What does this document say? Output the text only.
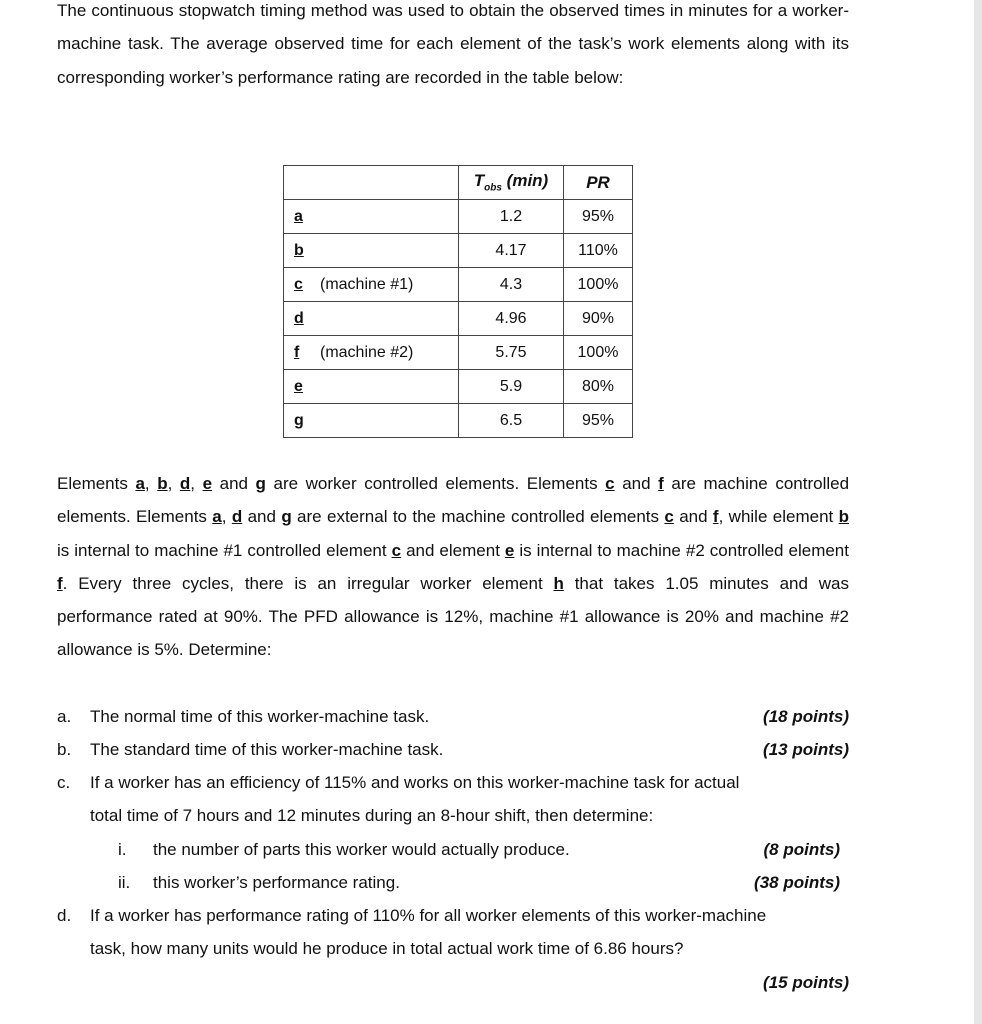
The continuous stopwatch timing method was used to obtain the observed times in minutes for a worker-machine task. The average observed time for each element of the task’s work elements along with its corresponding worker’s performance rating are recorded in the table below:

	$T_{obs}$ (min)	PR
a	1.2	95%
b	4.17	110%
c (machine #1)	4.3	100%
d	4.96	90%
f (machine #2)	5.75	100%
e	5.9	80%
g	6.5	95%

Elements a, b, d, e and g are worker controlled elements. Elements c and f are machine controlled elements. Elements a, d and g are external to the machine controlled elements c and f, while element b is internal to machine #1 controlled element c and element e is internal to machine #2 controlled element f. Every three cycles, there is an irregular worker element h that takes 1.05 minutes and was performance rated at 90%. The PFD allowance is 12%, machine #1 allowance is 20% and machine #2 allowance is 5%. Determine:

a. The normal time of this worker-machine task.	(18 points)
b. The standard time of this worker-machine task.	(13 points)
c. If a worker has an efficiency of 115% and works on this worker-machine task for actual
total time of 7 hours and 12 minutes during an 8-hour shift, then determine:
i. the number of parts this worker would actually produce.	(8 points)
ii. this worker’s performance rating.	(38 points)
d. If a worker has performance rating of 110% for all worker elements of this worker-machine
task, how many units would he produce in total actual work time of 6.86 hours?
(15 points)
